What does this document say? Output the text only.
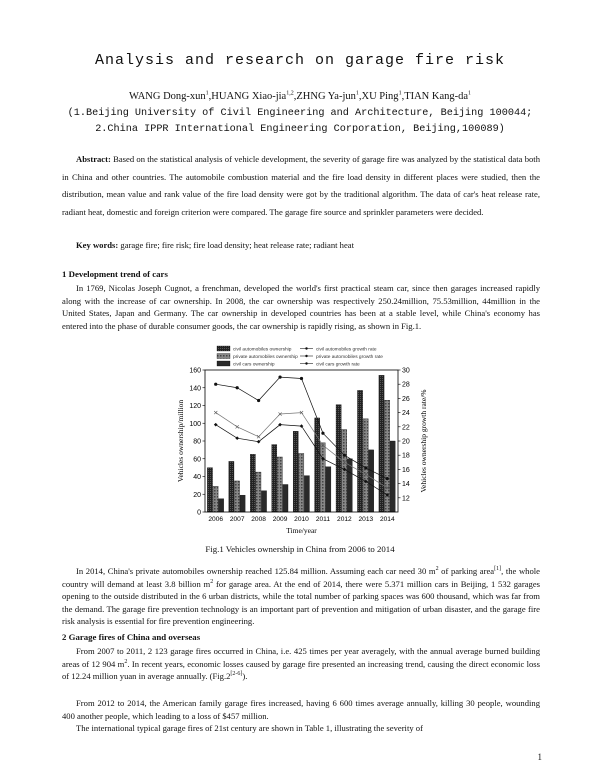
Analysis and research on garage fire risk
WANG Dong-xun$^1$,HUANG Xiao-jia$^{1,2}$,ZHNG Ya-jun$^1$,XU Ping$^1$,TIAN Kang-$da^1$
(1.Beijing University of Civil Engineering and Architecture, Beijing 100044;
2.China IPPR International Engineering Corporation, Beijing,100089)

Abstract: Based on the statistical analysis of vehicle development, the severity of garage fire was analyzed by the statistical data both in China and other countries. The automobile combustion material and the fire load density in different places were studied, then the distribution, mean value and rank value of the fire load density were got by the traditional algorithm. The data of car's heat release rate, radiant heat, domestic and foreign criterion were compared. The garage fire source and sprinkler parameters were decided.

Key words: garage fire; fire risk; fire load density; heat release rate; radiant heat

1 Development trend of cars

In 1769, Nicolas Joseph Cugnot, a frenchman, developed the world's first practical steam car, since then garages increased rapidly along with the increase of car ownership. In 2008, the car ownership was respectively 250.24million, 75.53million, 44million in the United States, Japan and Germany. The car ownership in developed countries has been at a stable level, while China's economy has entered into the phase of durable consumer goods, the car ownership is rapidly rising, as shown in Fig.1.

0
20
40
60
80
100
120
140
160
12
14
16
18
20
22
24
26
28
30
2006 2007 2008 2009 2010 2011 2012 2013 2014
Time/year
Vehicles ownership/million	Vehicles ownership growth rate/%
civil automobiles ownership
private automobiles ownership
civil cars ownership
civil automobiles growth rate
private automobiles growth rate
civil cars growth rate
Fig.1 Vehicles ownership in China from 2006 to 2014

In 2014, China's private automobiles ownership reached 125.84 million. Assuming each car need 30 $m^2$ of parking area[1], the whole country will demand at least 3.8 billion $m^2$ for garage area. At the end of 2014, there were 5.371 million cars in Beijing, 1 532 garages opening to the outside distributed in the 6 urban districts, while the total number of parking spaces was 600 thousand, which was far from the demand. The garage fire prevention technology is an important part of prevention and mitigation of urban disaster, and the garage fire risk analysis is essential for fire prevention engineering.

2 Garage fires of China and overseas

From 2007 to 2011, 2 123 garage fires occurred in China, i.e. 425 times per year averagely, with the annual average burned building areas of 12 904 $m^2$. In recent years, economic losses caused by garage fire presented an increasing trend, causing the direct economic loss of 12.24 million yuan in average annually. (Fig.2[2-6]).

From 2012 to 2014, the American family garage fires increased, having 6 600 times average annually, killing 30 people, wounding 400 another people, which leading to a loss of $457 million.

The international typical garage fires of 21st century are shown in Table 1, illustrating the severity of

1
